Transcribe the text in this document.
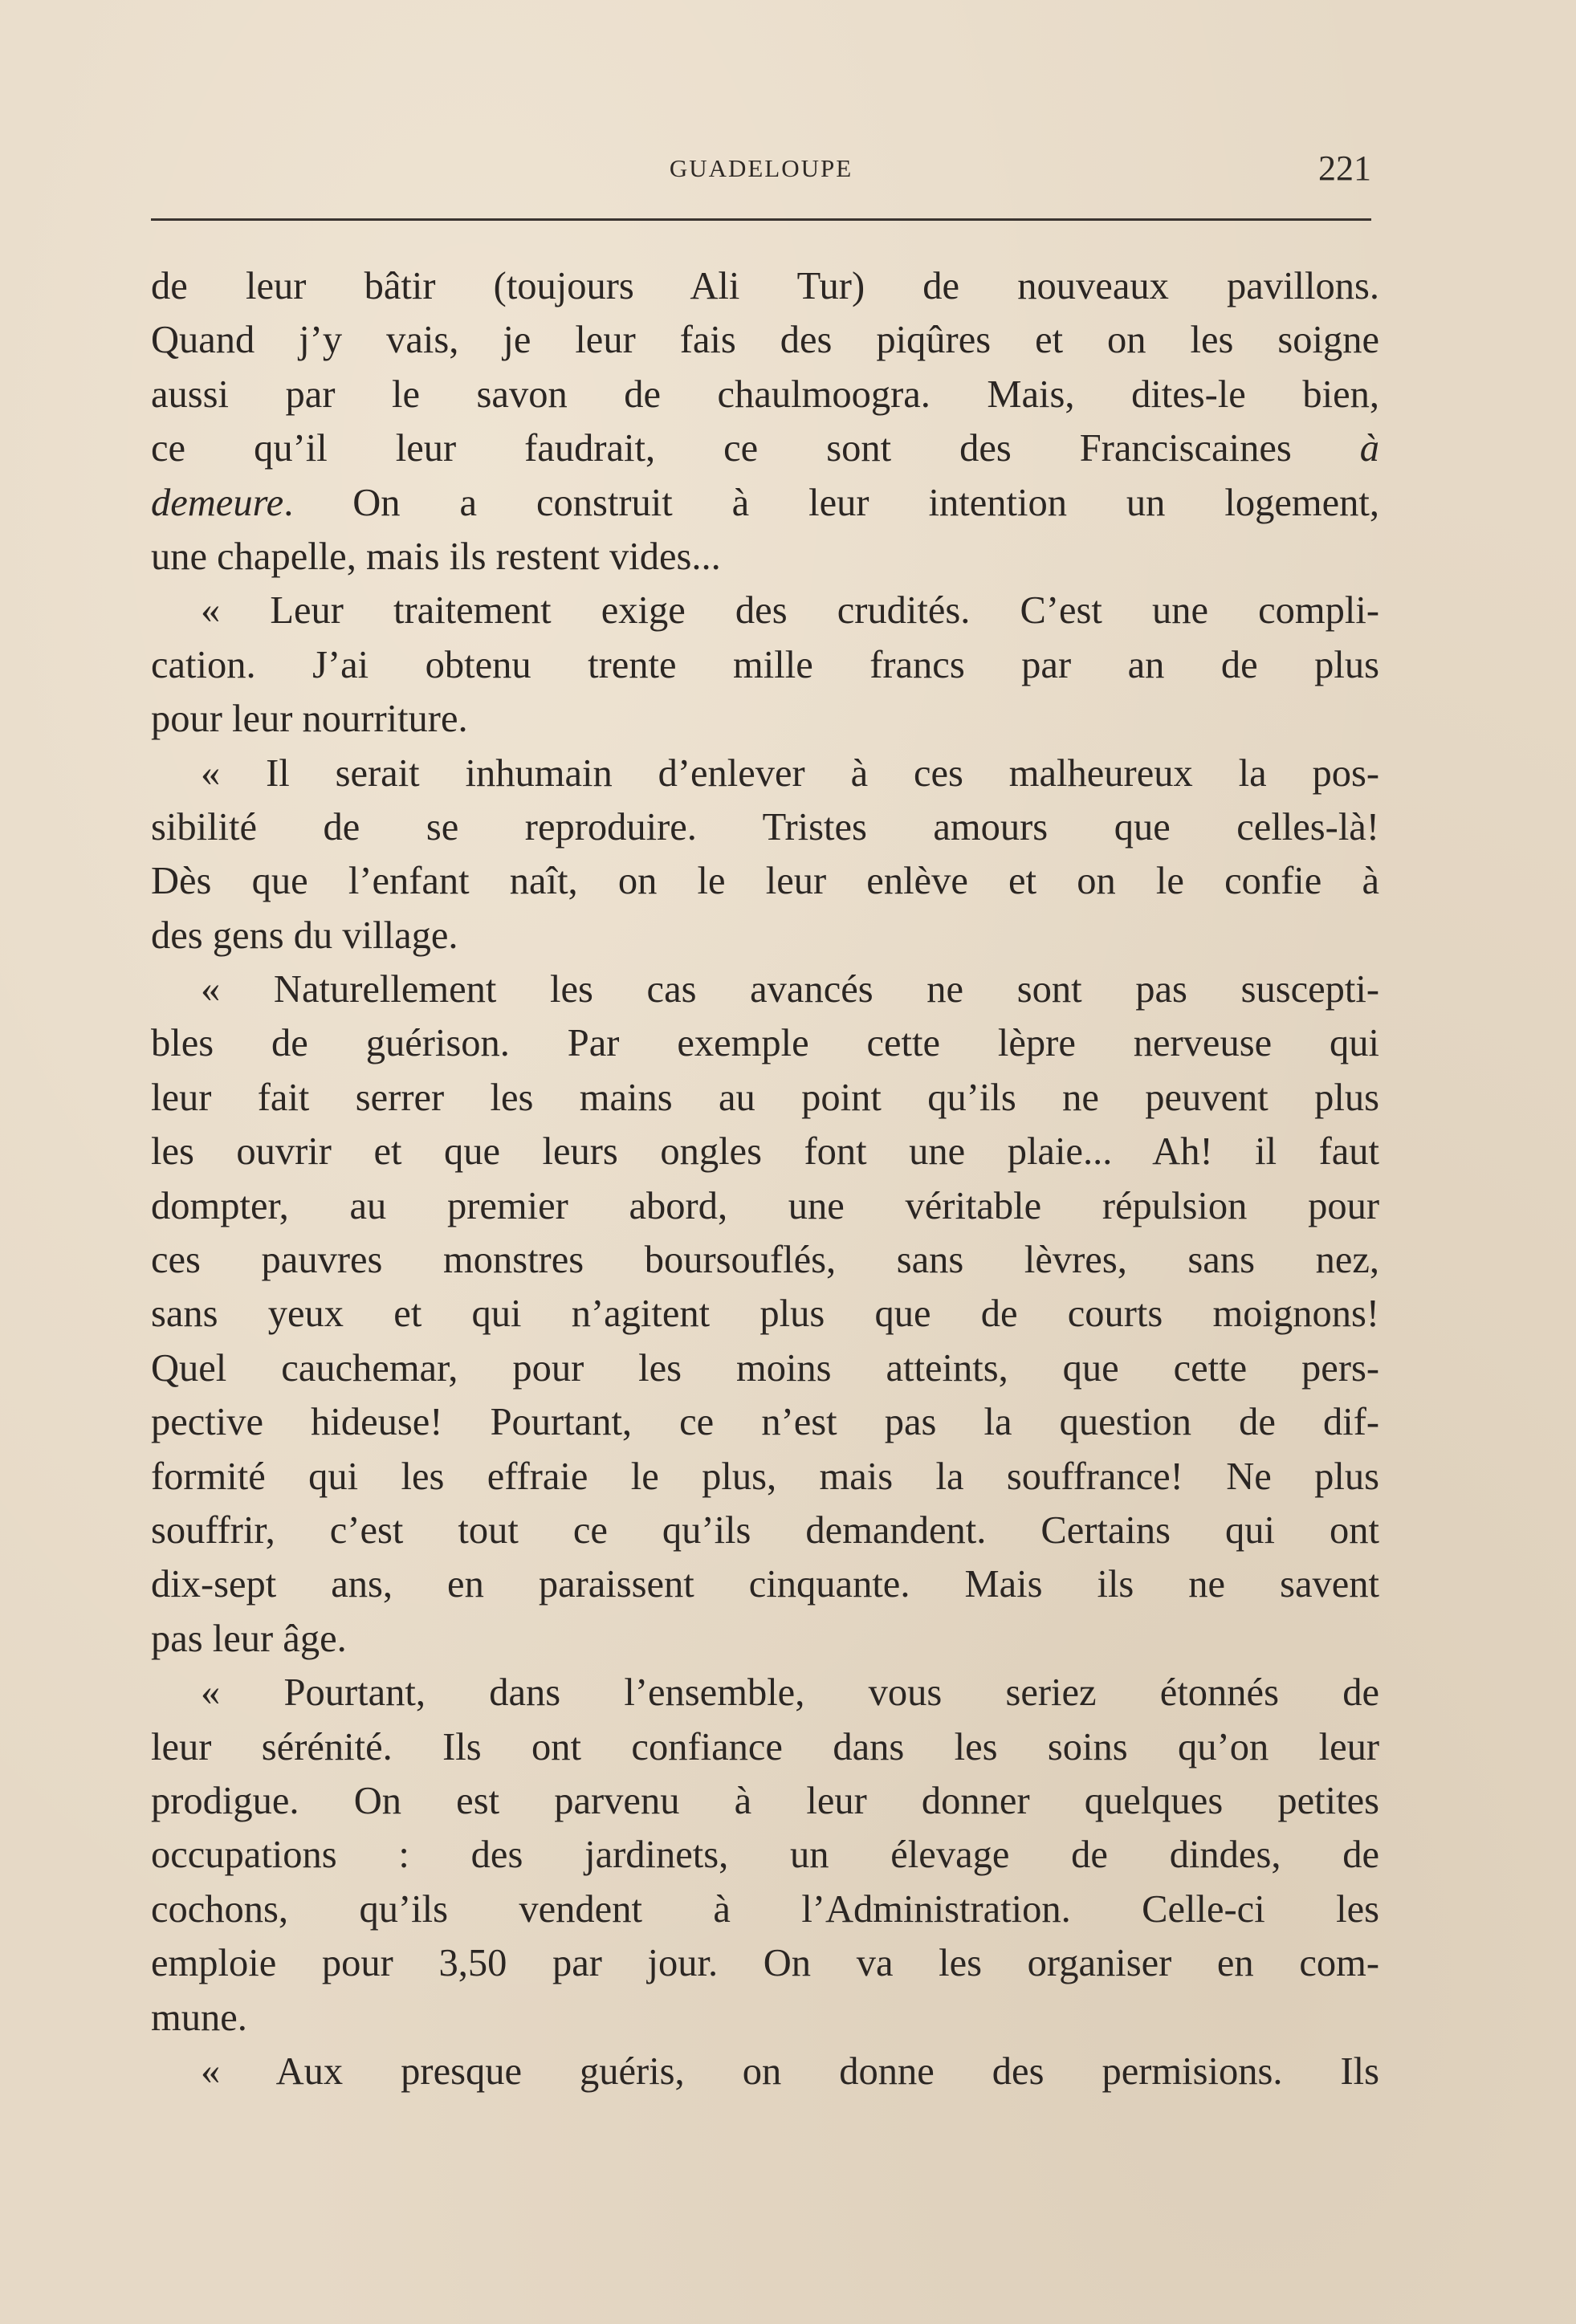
GUADELOUPE	221
de leur bâtir (toujours Ali Tur) de nouveaux pavillons.
Quand j’y vais, je leur fais des piqûres et on les soigne
aussi par le savon de chaulmoogra. Mais, dites-le bien,
ce qu’il leur faudrait, ce sont des Franciscaines à
demeure. On a construit à leur intention un logement,
une chapelle, mais ils restent vides...
« Leur traitement exige des crudités. C’est une compli-
cation. J’ai obtenu trente mille francs par an de plus
pour leur nourriture.
« Il serait inhumain d’enlever à ces malheureux la pos-
sibilité de se reproduire. Tristes amours que celles-là!
Dès que l’enfant naît, on le leur enlève et on le confie à
des gens du village.
« Naturellement les cas avancés ne sont pas suscepti-
bles de guérison. Par exemple cette lèpre nerveuse qui
leur fait serrer les mains au point qu’ils ne peuvent plus
les ouvrir et que leurs ongles font une plaie... Ah! il faut
dompter, au premier abord, une véritable répulsion pour
ces pauvres monstres boursouflés, sans lèvres, sans nez,
sans yeux et qui n’agitent plus que de courts moignons!
Quel cauchemar, pour les moins atteints, que cette pers-
pective hideuse! Pourtant, ce n’est pas la question de dif-
formité qui les effraie le plus, mais la souffrance! Ne plus
souffrir, c’est tout ce qu’ils demandent. Certains qui ont
dix-sept ans, en paraissent cinquante. Mais ils ne savent
pas leur âge.
« Pourtant, dans l’ensemble, vous seriez étonnés de
leur sérénité. Ils ont confiance dans les soins qu’on leur
prodigue. On est parvenu à leur donner quelques petites
occupations : des jardinets, un élevage de dindes, de
cochons, qu’ils vendent à l’Administration. Celle-ci les
emploie pour 3,50 par jour. On va les organiser en com-
mune.
« Aux presque guéris, on donne des permisions. Ils
